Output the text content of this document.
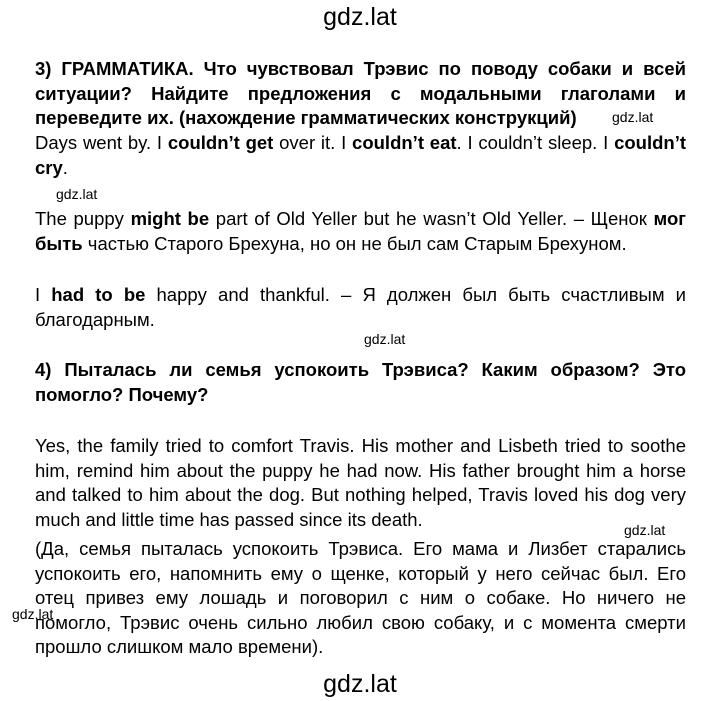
gdz.lat
3) ГРАММАТИКА. Что чувствовал Трэвис по поводу собаки и всей ситуации? Найдите предложения с модальными глаголами и переведите их. (нахождение грамматических конструкций)	gdz.lat
Days went by. I couldn’t get over it. I couldn’t eat. I couldn’t sleep. I couldn’t cry.
gdz.lat
The puppy might be part of Old Yeller but he wasn’t Old Yeller. – Щенок мог быть частью Старого Брехуна, но он не был сам Старым Брехуном.
I had to be happy and thankful. – Я должен был быть счастливым и благодарным.
gdz.lat
4) Пыталась ли семья успокоить Трэвиса? Каким образом? Это помогло? Почему?
Yes, the family tried to comfort Travis. His mother and Lisbeth tried to soothe him, remind him about the puppy he had now. His father brought him a horse and talked to him about the dog. But nothing helped, Travis loved his dog very much and little time has passed since its death.
gdz.lat
(Да, семья пыталась успокоить Трэвиса. Его мама и Лизбет старались успокоить его, напомнить ему о щенке, который у него сейчас был. Его отец привез ему лошадь и поговорил с ним о собаке. Но ничего не помогло, Трэвис очень сильно любил свою собаку, и с момента смерти прошло слишком мало времени).
gdz.lat
gdz.lat
